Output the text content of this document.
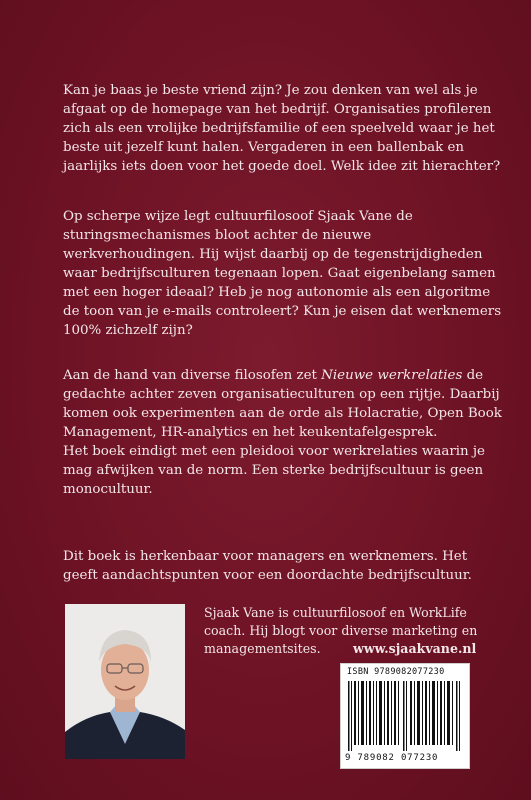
Kan je baas je beste vriend zijn? Je zou denken van wel als je afgaat op de homepage van het bedrijf. Organisaties profileren zich als een vrolijke bedrijfsfamilie of een speelveld waar je het beste uit jezelf kunt halen. Vergaderen in een ballenbak en jaarlijks iets doen voor het goede doel. Welk idee zit hierachter?

Op scherpe wijze legt cultuurfilosoof Sjaak Vane de sturingsmechanismes bloot achter de nieuwe werkverhoudingen. Hij wijst daarbij op de tegenstrijdigheden waar bedrijfsculturen tegenaan lopen. Gaat eigenbelang samen met een hoger ideaal? Heb je nog autonomie als een algoritme de toon van je e-mails controleert? Kun je eisen dat werknemers 100% zichzelf zijn?

Aan de hand van diverse filosofen zet Nieuwe werkrelaties de gedachte achter zeven organisatieculturen op een rijtje. Daarbij komen ook experimenten aan de orde als Holacratie, Open Book Management, HR-analytics en het keukentafelgesprek.
Het boek eindigt met een pleidooi voor werkrelaties waarin je mag afwijken van de norm. Een sterke bedrijfscultuur is geen monocultuur.

Dit boek is herkenbaar voor managers en werknemers. Het geeft aandachtspunten voor een doordachte bedrijfscultuur.

Sjaak Vane is cultuurfilosoof en WorkLife coach. Hij blogt voor diverse marketing en managementsites.	www.sjaakvane.nl
ISBN 9789082077230
9 789082 077230
